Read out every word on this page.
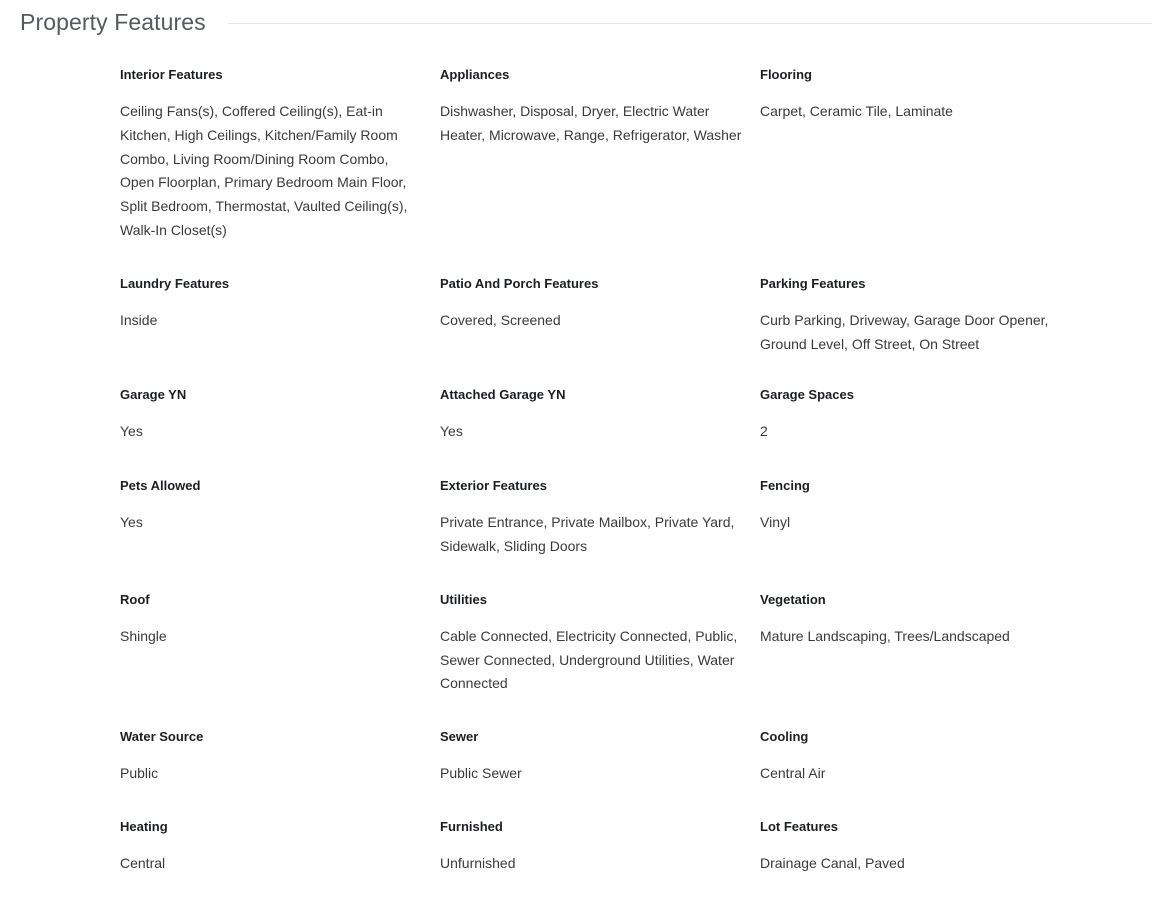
Property Features
Interior Features
Ceiling Fans(s), Coffered Ceiling(s), Eat-in Kitchen, High Ceilings, Kitchen/Family Room Combo, Living Room/Dining Room Combo, Open Floorplan, Primary Bedroom Main Floor, Split Bedroom, Thermostat, Vaulted Ceiling(s), Walk-In Closet(s)
Appliances
Dishwasher, Disposal, Dryer, Electric Water Heater, Microwave, Range, Refrigerator, Washer
Flooring
Carpet, Ceramic Tile, Laminate
Laundry Features
Inside
Patio And Porch Features
Covered, Screened
Parking Features
Curb Parking, Driveway, Garage Door Opener, Ground Level, Off Street, On Street
Garage YN
Yes
Attached Garage YN
Yes
Garage Spaces
2
Pets Allowed
Yes
Exterior Features
Private Entrance, Private Mailbox, Private Yard, Sidewalk, Sliding Doors
Fencing
Vinyl
Roof
Shingle
Utilities
Cable Connected, Electricity Connected, Public, Sewer Connected, Underground Utilities, Water Connected
Vegetation
Mature Landscaping, Trees/Landscaped
Water Source
Public
Sewer
Public Sewer
Cooling
Central Air
Heating
Central
Furnished
Unfurnished
Lot Features
Drainage Canal, Paved
